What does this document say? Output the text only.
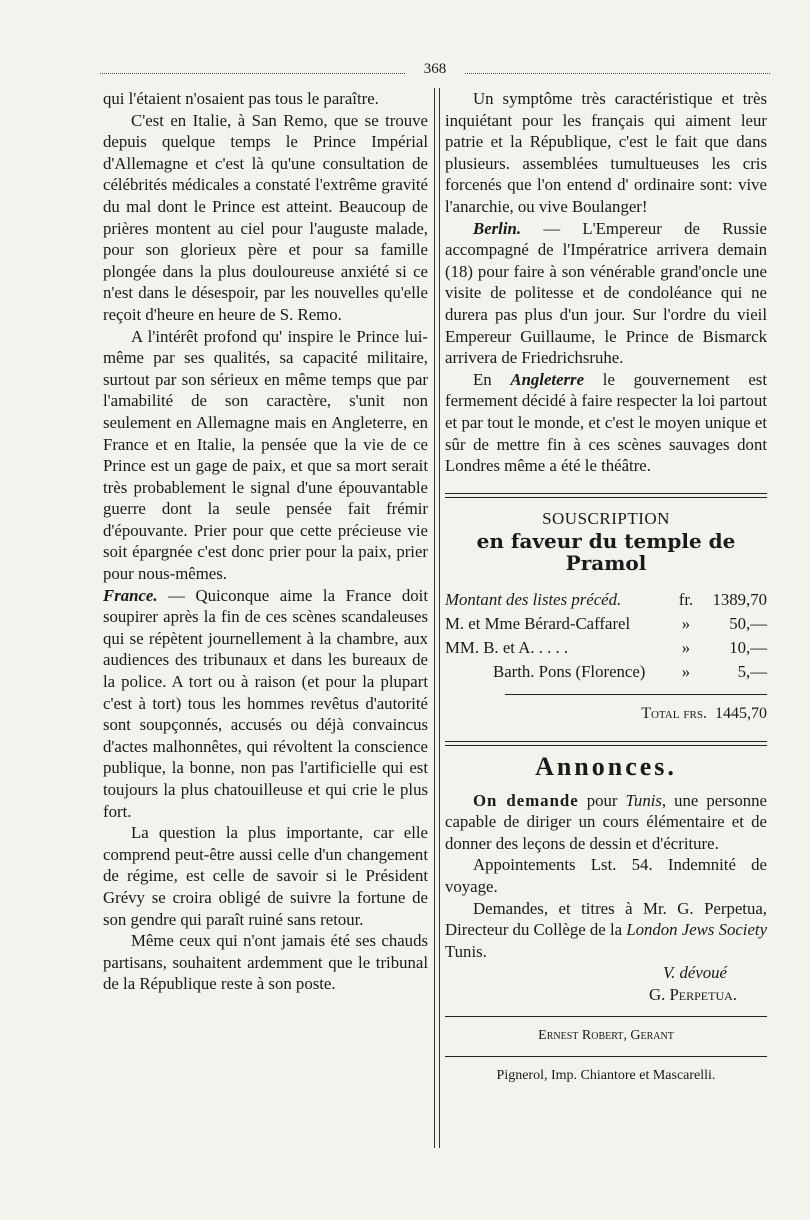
368

qui l'étaient n'osaient pas tous le paraître.

C'est en Italie, à San Remo, que se trouve depuis quelque temps le Prince Impérial d'Allemagne et c'est là qu'une consultation de célébrités médicales a constaté l'extrême gravité du mal dont le Prince est atteint. Beaucoup de prières montent au ciel pour l'auguste malade, pour son glorieux père et pour sa famille plongée dans la plus douloureuse anxiété si ce n'est dans le désespoir, par les nouvelles qu'elle reçoit d'heure en heure de S. Remo.

A l'intérêt profond qu' inspire le Prince lui-même par ses qualités, sa capacité militaire, surtout par son sérieux en même temps que par l'amabilité de son caractère, s'unit non seulement en Allemagne mais en Angleterre, en France et en Italie, la pensée que la vie de ce Prince est un gage de paix, et que sa mort serait très probablement le signal d'une épouvantable guerre dont la seule pensée fait frémir d'épouvante. Prier pour que cette précieuse vie soit épargnée c'est donc prier pour la paix, prier pour nous-mêmes.

France. — Quiconque aime la France doit soupirer après la fin de ces scènes scandaleuses qui se répètent journellement à la chambre, aux audiences des tribunaux et dans les bureaux de la police. A tort ou à raison (et pour la plupart c'est à tort) tous les hommes revêtus d'autorité sont soupçonnés, accusés ou déjà convaincus d'actes malhonnêtes, qui révoltent la conscience publique, la bonne, non pas l'artificielle qui est toujours la plus chatouilleuse et qui crie le plus fort.

La question la plus importante, car elle comprend peut-être aussi celle d'un changement de régime, est celle de savoir si le Président Grévy se croira obligé de suivre la fortune de son gendre qui paraît ruiné sans retour.

Même ceux qui n'ont jamais été ses chauds partisans, souhaitent ardemment que le tribunal de la République reste à son poste.

Un symptôme très caractéristique et très inquiétant pour les français qui aiment leur patrie et la République, c'est le fait que dans plusieurs. assemblées tumultueuses les cris forcenés que l'on entend d' ordinaire sont: vive l'anarchie, ou vive Boulanger!

Berlin. — L'Empereur de Russie accompagné de l'Impératrice arrivera demain (18) pour faire à son vénérable grand'oncle une visite de politesse et de condoléance qui ne durera pas plus d'un jour. Sur l'ordre du vieil Empereur Guillaume, le Prince de Bismarck arrivera de Friedrichsruhe.

En Angleterre le gouvernement est fermement décidé à faire respecter la loi partout et par tout le monde, et c'est le moyen unique et sûr de mettre fin à ces scènes sauvages dont Londres même a été le théâtre.

SOUSCRIPTION
en faveur du temple de Pramol
Montant des listes précéd.	fr.	1389,70
M. et Mme Bérard-Caffarel	»	50,—
MM. B. et A. . . . .	»	10,—
Barth. Pons (Florence)	»	5,—
Total frs. 1445,70
Annonces.

On demande pour Tunis, une personne capable de diriger un cours élémentaire et de donner des leçons de dessin et d'écriture.

Appointements Lst. 54. Indemnité de voyage.

Demandes, et titres à Mr. G. Perpetua, Directeur du Collège de la London Jews Society Tunis.

V. dévoué
G. Perpetua.
Ernest Robert, Gerant
Pignerol, Imp. Chiantore et Mascarelli.
